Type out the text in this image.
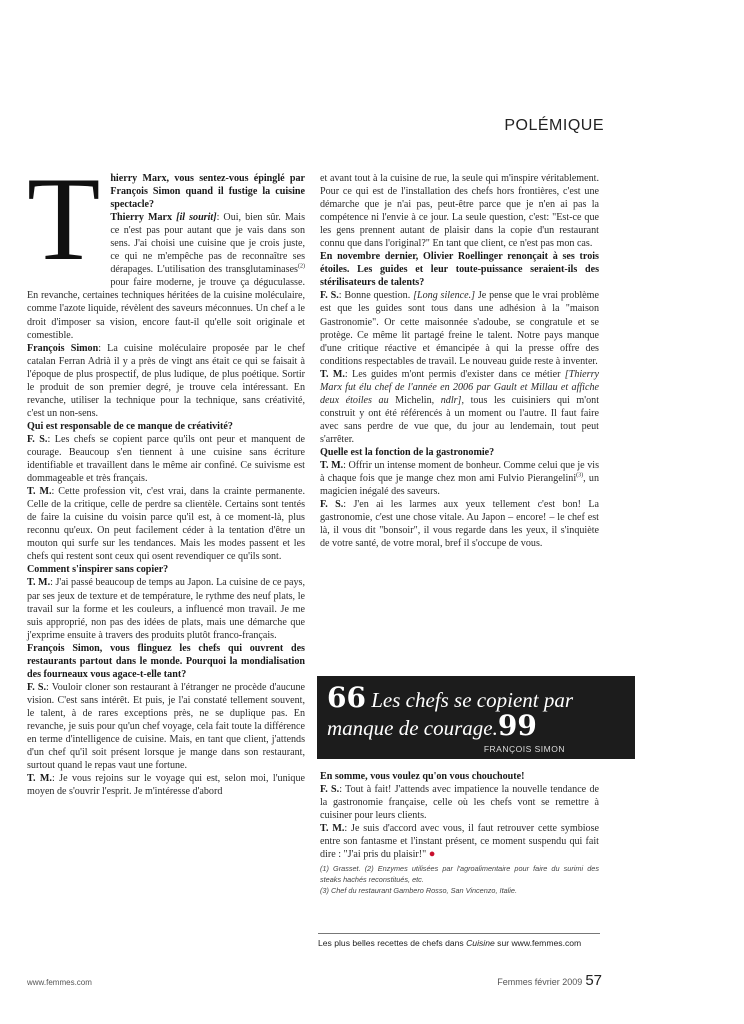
POLÉMIQUE

Thierry Marx, vous sentez-vous épinglé par François Simon quand il fustige la cuisine spectacle?
Thierry Marx [il sourit]: Oui, bien sûr. Mais ce n'est pas pour autant que je vais dans son sens. J'ai choisi une cuisine que je crois juste, ce qui ne m'empêche pas de reconnaître ses dérapages. L'utilisation des transglutaminases$^{(2)}$ pour faire moderne, je trouve ça déguculasse. En revanche, certaines techniques héritées de la cuisine moléculaire, comme l'azote liquide, révèlent des saveurs méconnues. Un chef a le droit d'imposer sa vision, encore faut-il qu'elle soit originale et comestible.

François Simon: La cuisine moléculaire proposée par le chef catalan Ferran Adrià il y a près de vingt ans était ce qui se faisait à l'époque de plus prospectif, de plus ludique, de plus poétique. Sortir le produit de son premier degré, je trouve cela intéressant. En revanche, utiliser la technique pour la technique, sans créativité, c'est un non-sens.

Qui est responsable de ce manque de créativité?

F. S.: Les chefs se copient parce qu'ils ont peur et manquent de courage. Beaucoup s'en tiennent à une cuisine sans écriture identifiable et travaillent dans le même air confiné. Ce suivisme est dommageable et très français.

T. M.: Cette profession vit, c'est vrai, dans la crainte permanente. Celle de la critique, celle de perdre sa clientèle. Certains sont tentés de faire la cuisine du voisin parce qu'il est, à ce moment-là, plus reconnu qu'eux. On peut facilement céder à la tentation d'être un mouton qui surfe sur les tendances. Mais les modes passent et les chefs qui restent sont ceux qui osent revendiquer ce qu'ils sont.

Comment s'inspirer sans copier?

T. M.: J'ai passé beaucoup de temps au Japon. La cuisine de ce pays, par ses jeux de texture et de température, le rythme des neuf plats, le travail sur la forme et les couleurs, a influencé mon travail. Je me suis approprié, non pas des idées de plats, mais une démarche que j'exprime ensuite à travers des produits plutôt franco-français.

François Simon, vous flinguez les chefs qui ouvrent des restaurants partout dans le monde. Pourquoi la mondialisation des fourneaux vous agace-t-elle tant?

F. S.: Vouloir cloner son restaurant à l'étranger ne procède d'aucune vision. C'est sans intérêt. Et puis, je l'ai constaté tellement souvent, le talent, à de rares exceptions près, ne se duplique pas. En revanche, je suis pour qu'un chef voyage, cela fait toute la différence en terme d'intelligence de cuisine. Mais, en tant que client, j'attends d'un chef qu'il soit présent lorsque je mange dans son restaurant, surtout quand le repas vaut une fortune.

T. M.: Je vous rejoins sur le voyage qui est, selon moi, l'unique moyen de s'ouvrir l'esprit. Je m'intéresse d'abord

et avant tout à la cuisine de rue, la seule qui m'inspire véritablement. Pour ce qui est de l'installation des chefs hors frontières, c'est une démarche que je n'ai pas, peut-être parce que je n'en ai pas la compétence ni l'envie à ce jour. La seule question, c'est: "Est-ce que les gens prennent autant de plaisir dans la copie d'un restaurant connu que dans l'original?" En tant que client, ce n'est pas mon cas.

En novembre dernier, Olivier Roellinger renonçait à ses trois étoiles. Les guides et leur toute-puissance seraient-ils des stérilisateurs de talents?

F. S.: Bonne question. [Long silence.] Je pense que le vrai problème est que les guides sont tous dans une adhésion à la "maison Gastronomie". Or cette maisonnée s'adoube, se congratule et se protège. Ce même lit partagé freine le talent. Notre pays manque d'une critique réactive et émancipée à qui la presse offre des conditions respectables de travail. Le nouveau guide reste à inventer.

T. M.: Les guides m'ont permis d'exister dans ce métier [Thierry Marx fut élu chef de l'année en 2006 par Gault et Millau et affiche deux étoiles au Michelin, ndlr], tous les cuisiniers qui m'ont construit y ont été référencés à un moment ou l'autre. Il faut faire avec sans perdre de vue que, du jour au lendemain, tout peut s'arrêter.

Quelle est la fonction de la gastronomie?

T. M.: Offrir un intense moment de bonheur. Comme celui que je vis à chaque fois que je mange chez mon ami Fulvio Pierangelini$^{(3)}$, un magicien inégalé des saveurs.

F. S.: J'en ai les larmes aux yeux tellement c'est bon! La gastronomie, c'est une chose vitale. Au Japon – encore! – le chef est là, il vous dit "bonsoir", il vous regarde dans les yeux, il s'inquiète de votre santé, de votre moral, bref il s'occupe de vous.

66 Les chefs se copient par manque de courage.99
FRANÇOIS SIMON

En somme, vous voulez qu'on vous chouchoute!

F. S.: Tout à fait! J'attends avec impatience la nouvelle tendance de la gastronomie française, celle où les chefs vont se remettre à cuisiner pour leurs clients.

T. M.: Je suis d'accord avec vous, il faut retrouver cette symbiose entre son fantasme et l'instant présent, ce moment suspendu qui fait dire : "J'ai pris du plaisir!" ●

(1) Grasset. (2) Enzymes utilisées par l'agroalimentaire pour faire du surimi des steaks hachés reconstitués, etc.

(3) Chef du restaurant Gambero Rosso, San Vincenzo, Italie.

Les plus belles recettes de chefs dans Cuisine sur www.femmes.com
www.femmes.com	Femmes février 2009 57
